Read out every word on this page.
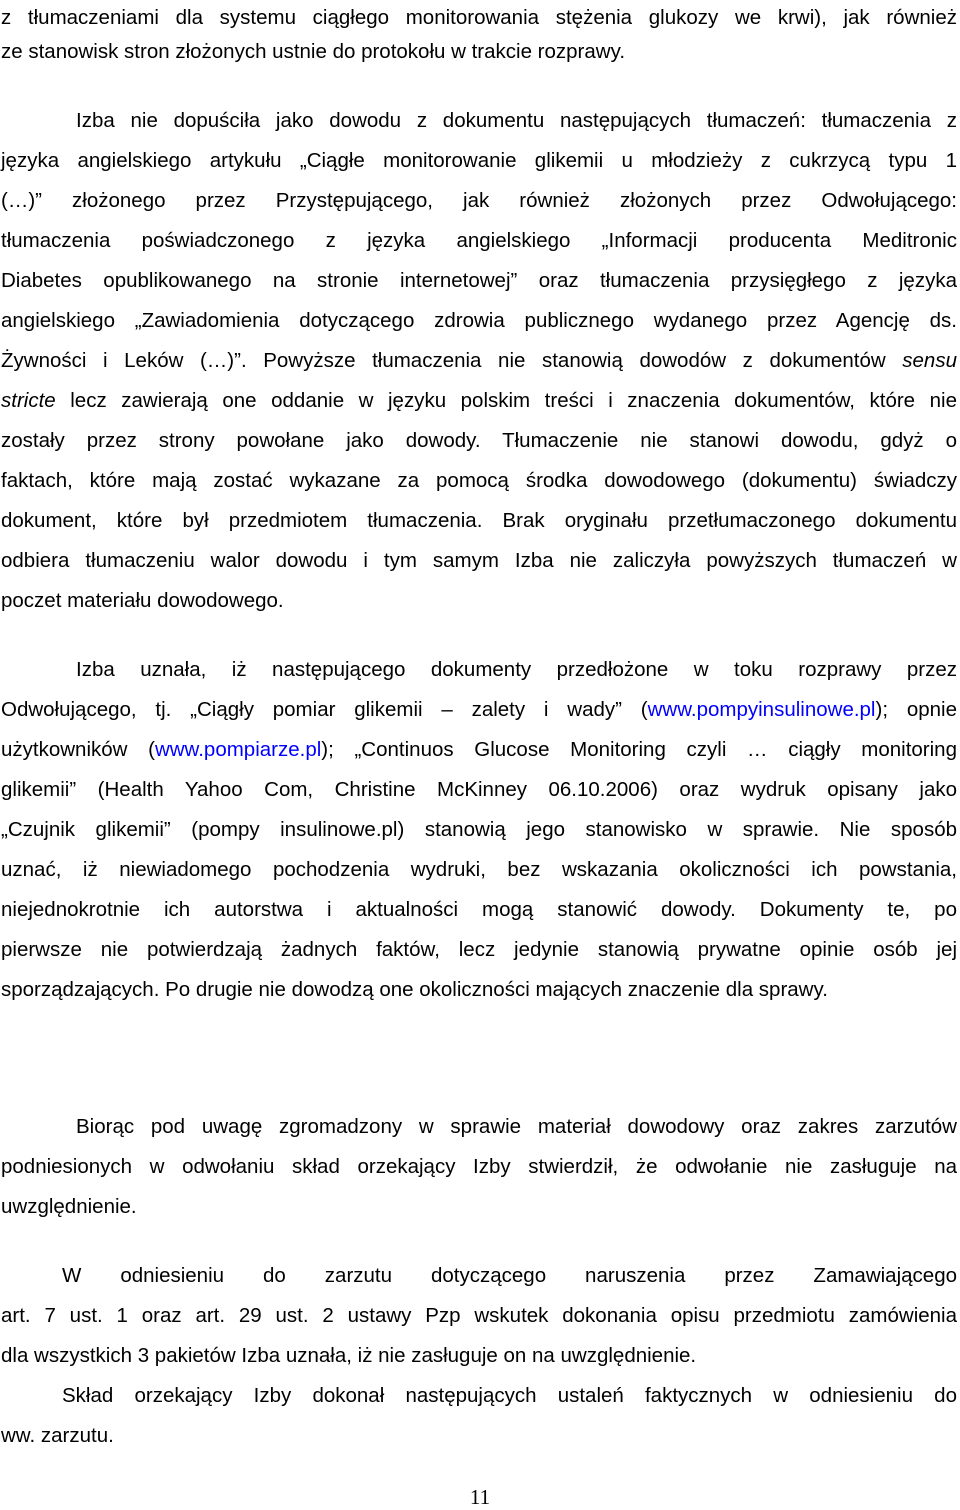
z tłumaczeniami dla systemu ciągłego monitorowania stężenia glukozy we krwi), jak również
ze stanowisk stron złożonych ustnie do protokołu w trakcie rozprawy.
Izba nie dopuściła jako dowodu z dokumentu następujących tłumaczeń: tłumaczenia z
języka angielskiego artykułu „Ciągłe monitorowanie glikemii u młodzieży z cukrzycą typu 1
(…)” złożonego przez Przystępującego, jak również złożonych przez Odwołującego:
tłumaczenia poświadczonego z języka angielskiego „Informacji producenta Meditronic
Diabetes opublikowanego na stronie internetowej” oraz tłumaczenia przysięgłego z języka
angielskiego „Zawiadomienia dotyczącego zdrowia publicznego wydanego przez Agencję ds.
Żywności i Leków (…)”. Powyższe tłumaczenia nie stanowią dowodów z dokumentów sensu
stricte lecz zawierają one oddanie w języku polskim treści i znaczenia dokumentów, które nie
zostały przez strony powołane jako dowody. Tłumaczenie nie stanowi dowodu, gdyż o
faktach, które mają zostać wykazane za pomocą środka dowodowego (dokumentu) świadczy
dokument, które był przedmiotem tłumaczenia. Brak oryginału przetłumaczonego dokumentu
odbiera tłumaczeniu walor dowodu i tym samym Izba nie zaliczyła powyższych tłumaczeń w
poczet materiału dowodowego.
Izba uznała, iż następującego dokumenty przedłożone w toku rozprawy przez
Odwołującego, tj. „Ciągły pomiar glikemii – zalety i wady” (www.pompyinsulinowe.pl); opnie
użytkowników (www.pompiarze.pl); „Continuos Glucose Monitoring czyli … ciągły monitoring
glikemii” (Health Yahoo Com, Christine McKinney 06.10.2006) oraz wydruk opisany jako
„Czujnik glikemii” (pompy insulinowe.pl) stanowią jego stanowisko w sprawie. Nie sposób
uznać, iż niewiadomego pochodzenia wydruki, bez wskazania okoliczności ich powstania,
niejednokrotnie ich autorstwa i aktualności mogą stanowić dowody. Dokumenty te, po
pierwsze nie potwierdzają żadnych faktów, lecz jedynie stanowią prywatne opinie osób jej
sporządzających. Po drugie nie dowodzą one okoliczności mających znaczenie dla sprawy.
Biorąc pod uwagę zgromadzony w sprawie materiał dowodowy oraz zakres zarzutów
podniesionych w odwołaniu skład orzekający Izby stwierdził, że odwołanie nie zasługuje na
uwzględnienie.
W odniesieniu do zarzutu dotyczącego naruszenia przez Zamawiającego
art. 7 ust. 1 oraz art. 29 ust. 2 ustawy Pzp wskutek dokonania opisu przedmiotu zamówienia
dla wszystkich 3 pakietów Izba uznała, iż nie zasługuje on na uwzględnienie.
Skład orzekający Izby dokonał następujących ustaleń faktycznych w odniesieniu do
ww. zarzutu.
11
